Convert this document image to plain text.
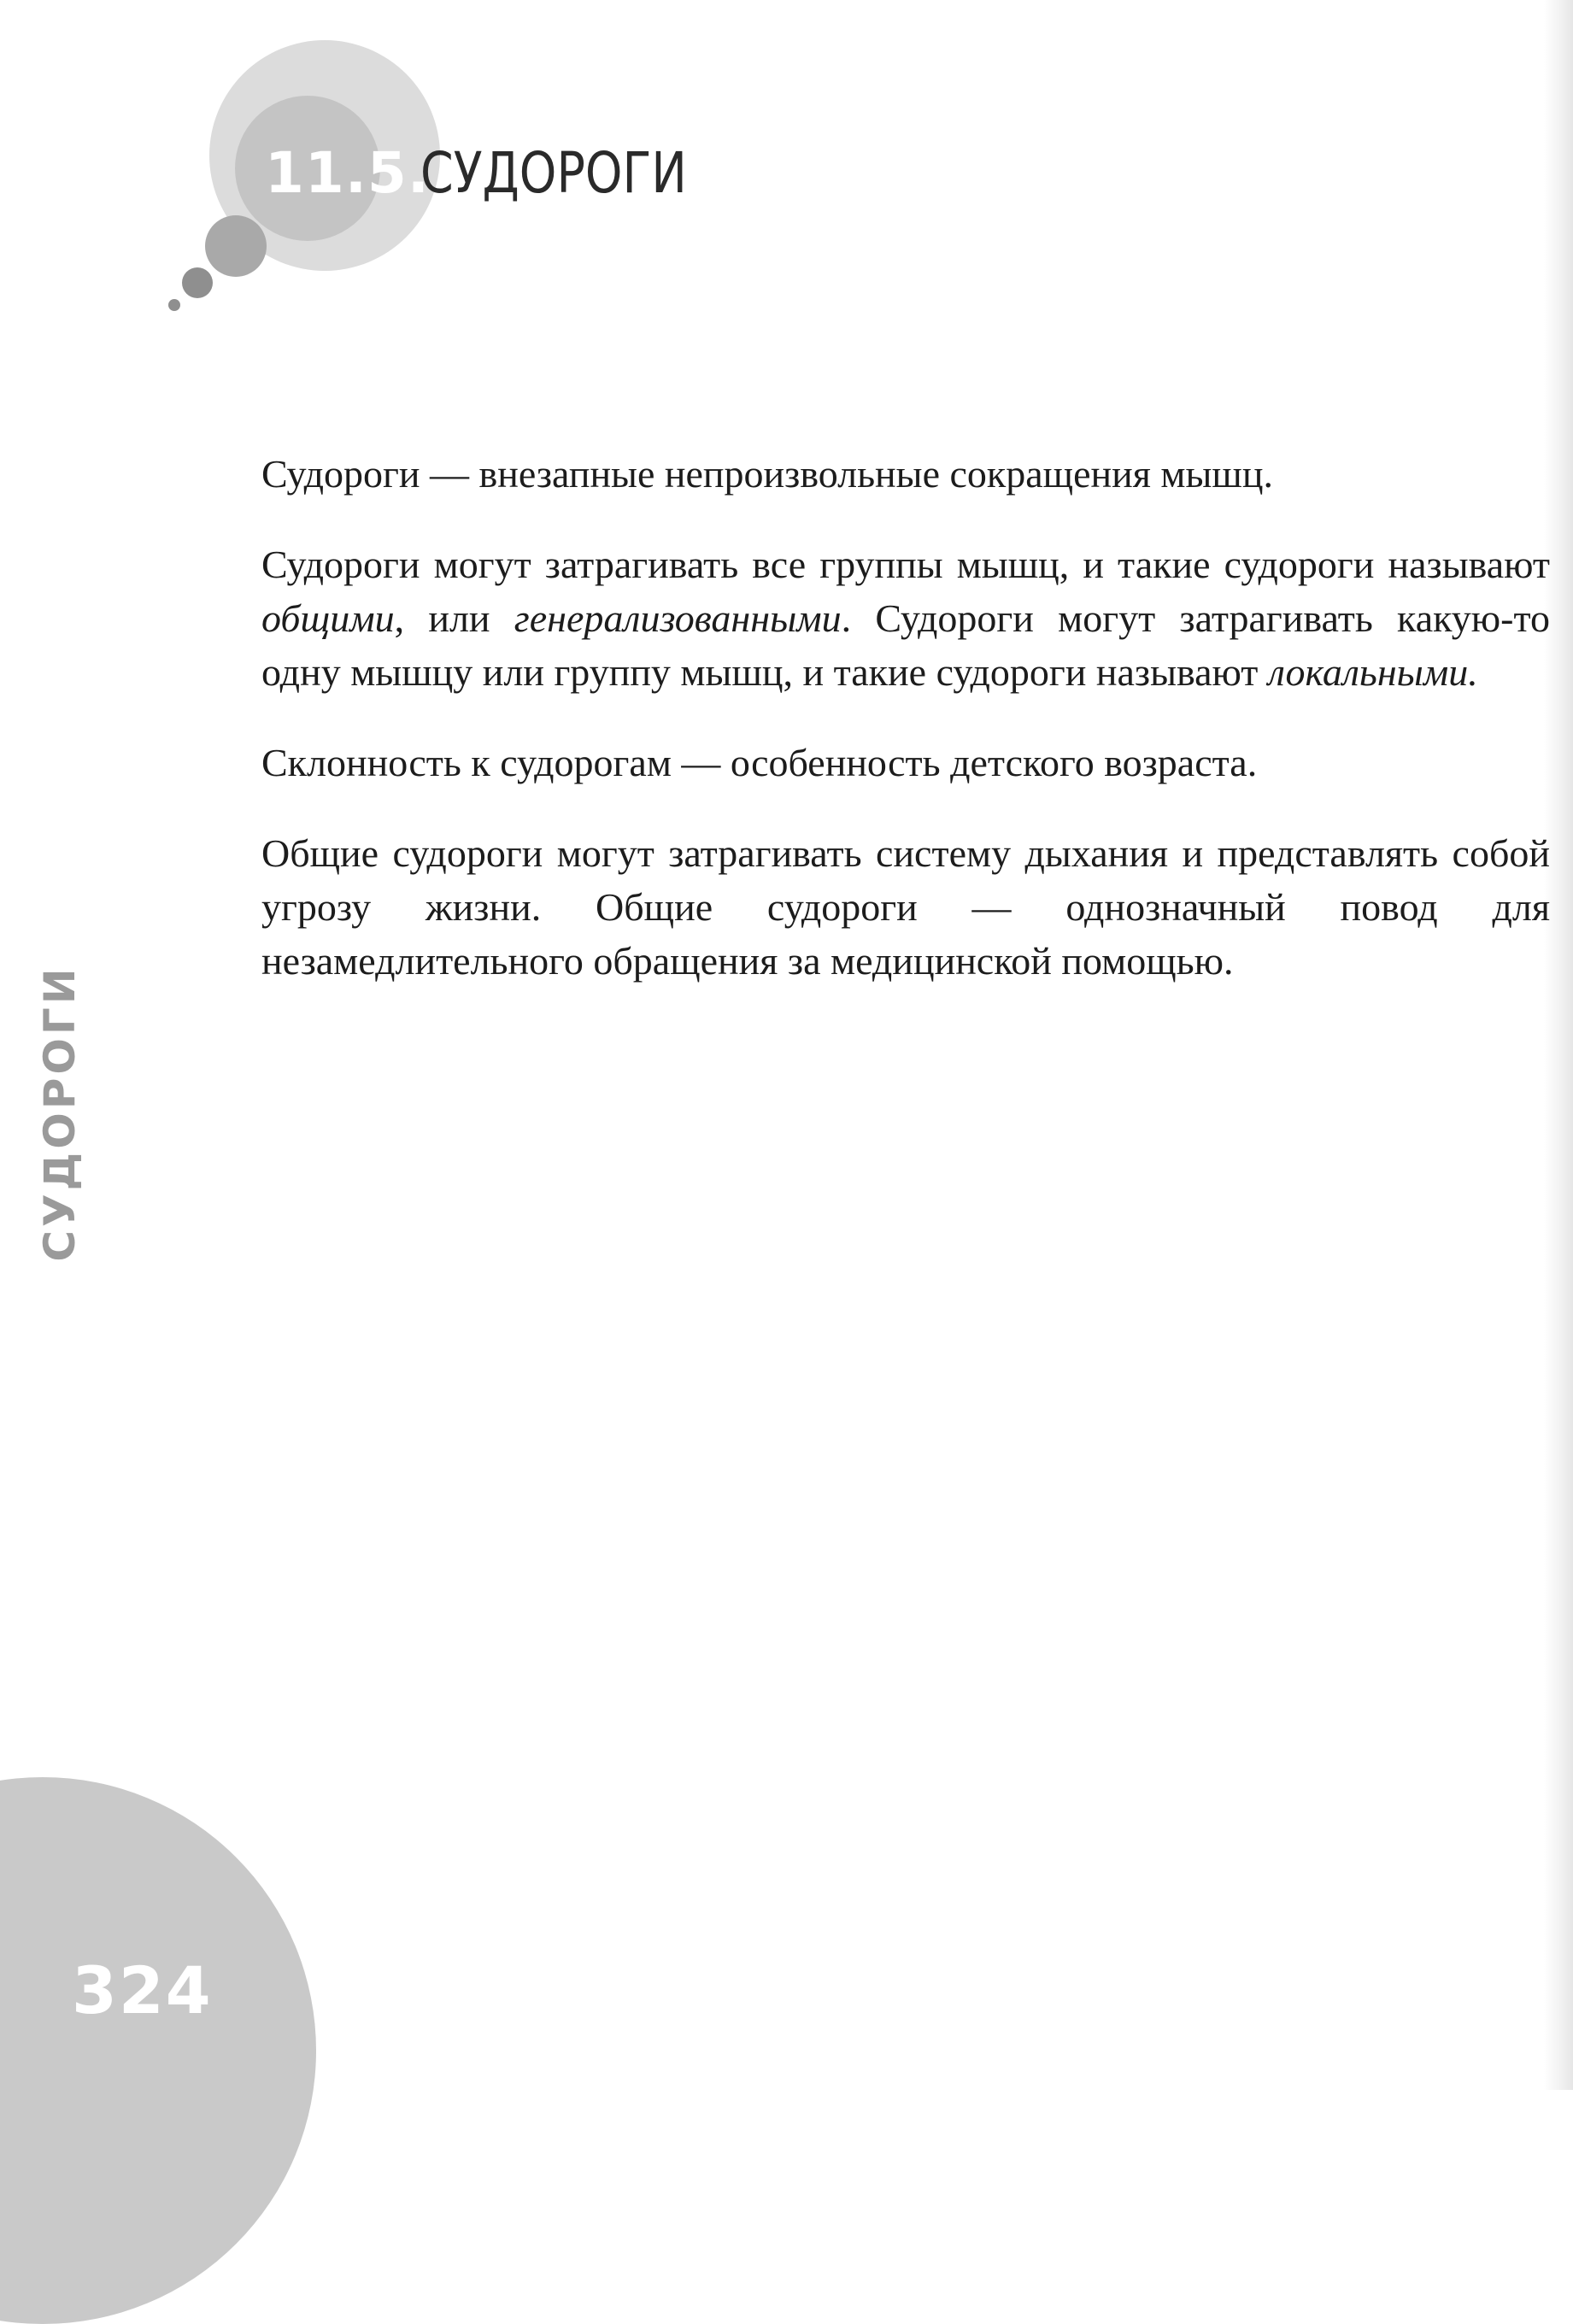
11.5.
СУДОРОГИ

Судороги — внезапные непроизвольные сокращения мышц.

Судороги могут затрагивать все группы мышц, и такие судороги называют общими, или генерализованными. Судороги могут затрагивать какую-то одну мышцу или группу мышц, и такие судороги называют локальными.

Склонность к судорогам — особенность детского возраста.

Общие судороги могут затрагивать систему дыхания и представлять собой угрозу жизни. Общие судороги — однозначный повод для незамедлительного обращения за медицинской помощью.

СУДОРОГИ
324
